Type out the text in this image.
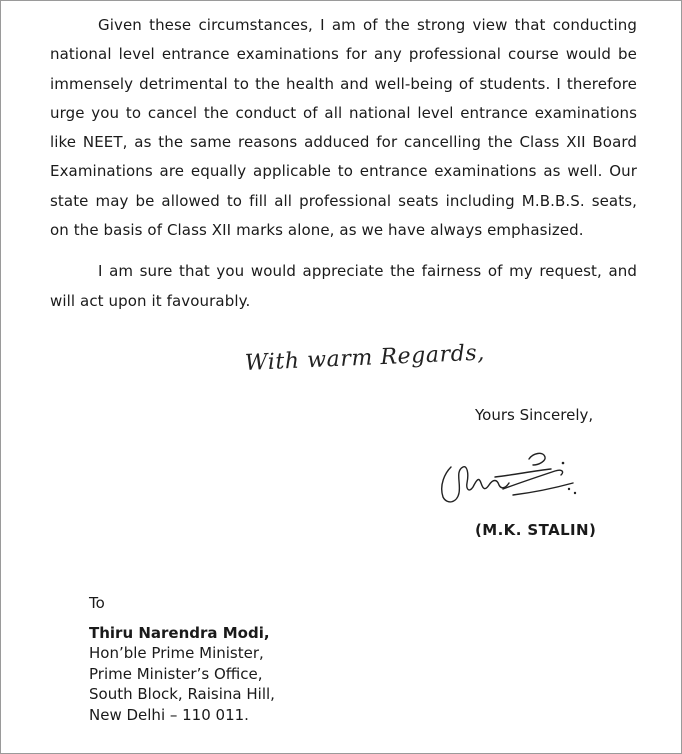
Given these circumstances, I am of the strong view that conducting national level entrance examinations for any professional course would be immensely detrimental to the health and well-being of students. I therefore urge you to cancel the conduct of all national level entrance examinations like NEET, as the same reasons adduced for cancelling the Class XII Board Examinations are equally applicable to entrance examinations as well. Our state may be allowed to fill all professional seats including M.B.B.S. seats, on the basis of Class XII marks alone, as we have always emphasized.

I am sure that you would appreciate the fairness of my request, and will act upon it favourably.

With warm Regards,
Yours Sincerely,
(M.K. STALIN)
To
Thiru Narendra Modi,
Hon’ble Prime Minister,
Prime Minister’s Office,
South Block, Raisina Hill,
New Delhi – 110 011.
